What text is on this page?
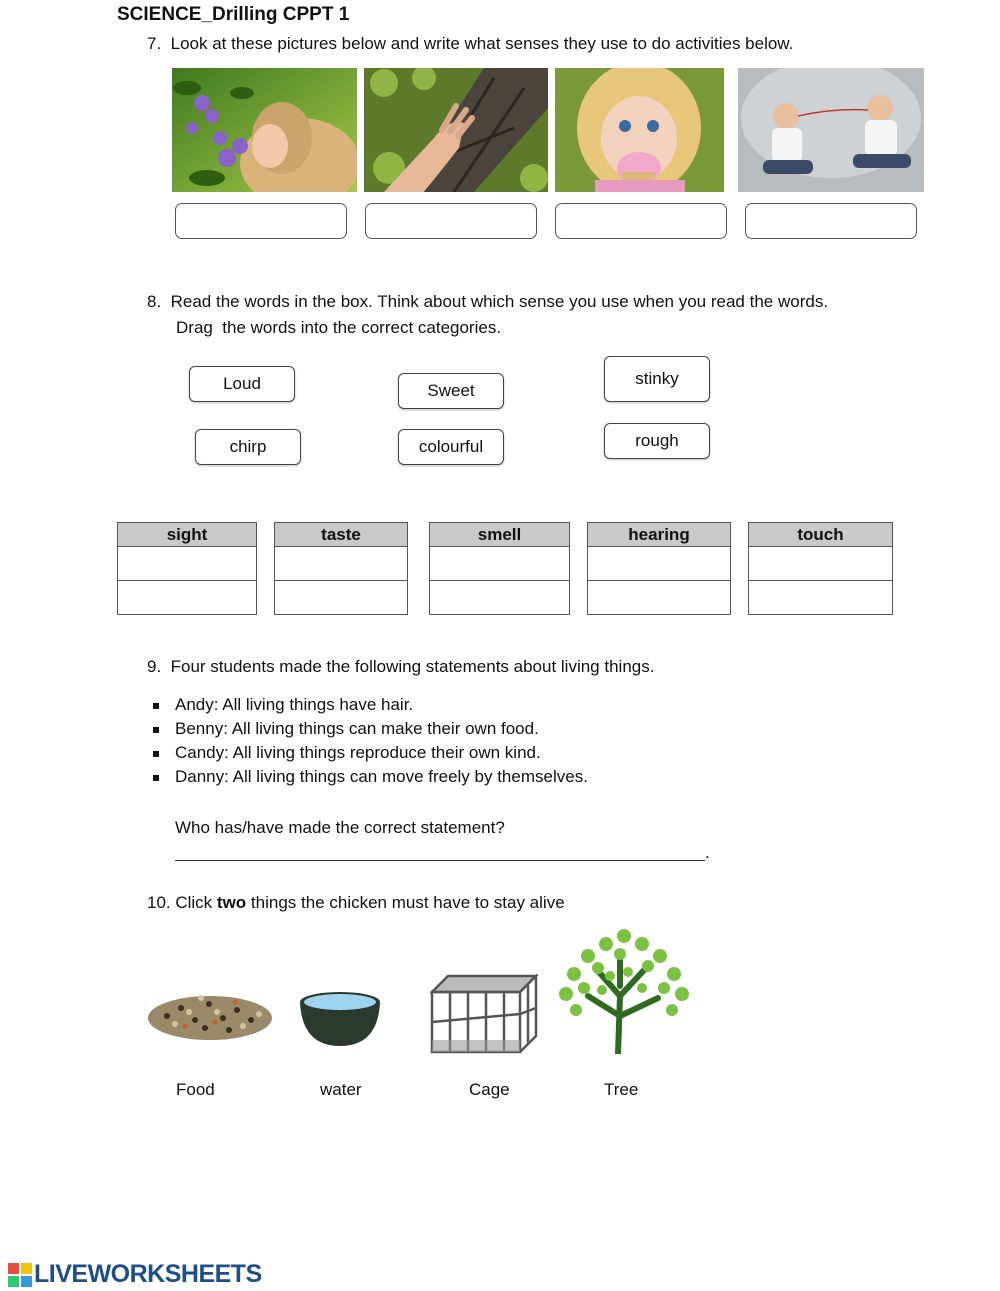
SCIENCE_Drilling CPPT 1
7.  Look at these pictures below and write what senses they use to do activities below.
8.  Read the words in the box. Think about which sense you use when you read the words.
Drag  the words into the correct categories.
Loud	Sweet
stinky
chirp	colourful	rough
sight	taste	smell	hearing	touch
9.  Four students made the following statements about living things.
Andy: All living things have hair.
Benny: All living things can make their own food.
Candy: All living things reproduce their own kind.
Danny: All living things can move freely by themselves.
Who has/have made the correct statement?
.
10. Click two things the chicken must have to stay alive
Food	water	Cage	Tree
LIVEWORKSHEETS
